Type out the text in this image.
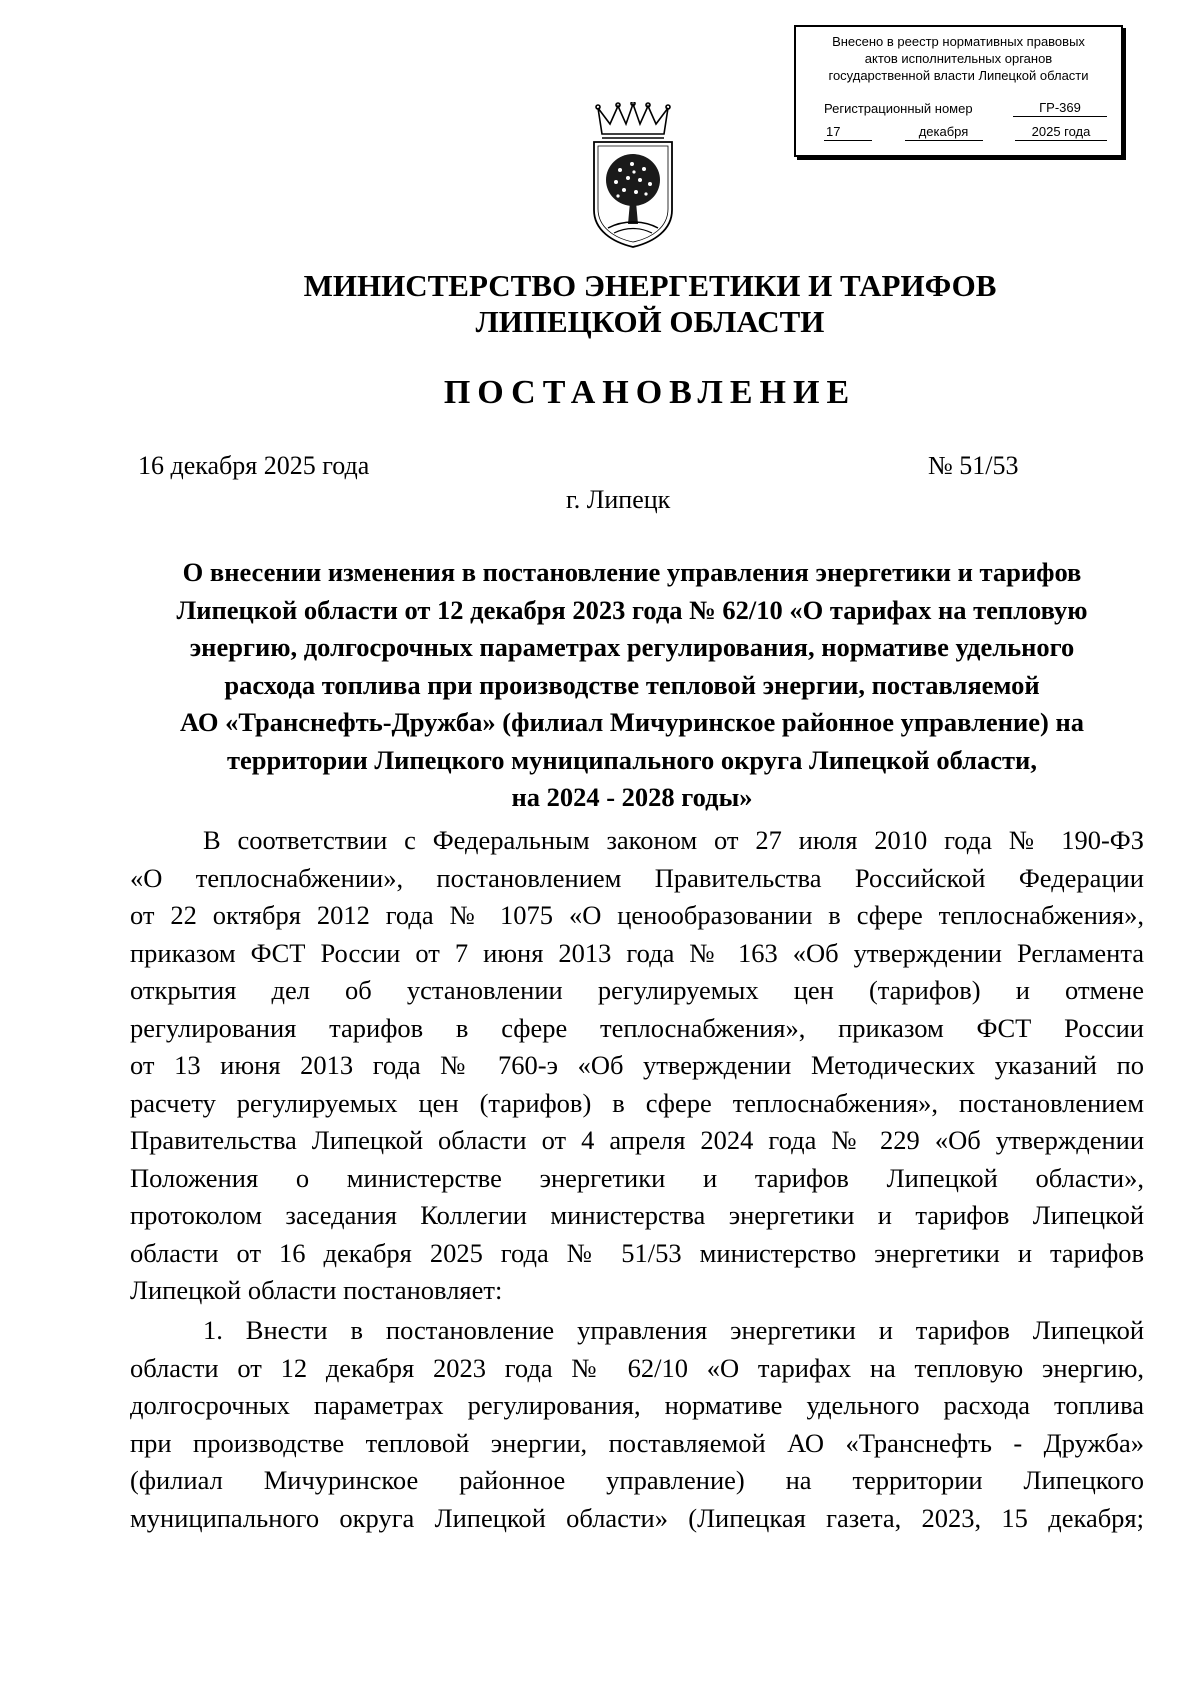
Внесено в реестр нормативных правовых
актов исполнительных органов
государственной власти Липецкой области
Регистрационный номер	ГР-369
17	декабря	2025 года
МИНИСТЕРСТВО ЭНЕРГЕТИКИ И ТАРИФОВ
ЛИПЕЦКОЙ ОБЛАСТИ
ПОСТАНОВЛЕНИЕ
16 декабря 2025 года	№ 51/53
г. Липецк
О внесении изменения в постановление управления энергетики и тарифов
Липецкой области от 12 декабря 2023 года № 62/10 «О тарифах на тепловую
энергию, долгосрочных параметрах регулирования, нормативе удельного
расхода топлива при производстве тепловой энергии, поставляемой
АО «Транснефть-Дружба» (филиал Мичуринское районное управление) на
территории Липецкого муниципального округа Липецкой области,
на 2024 - 2028 годы»
В соответствии с Федеральным законом от 27 июля 2010 года № 190-ФЗ
«О теплоснабжении», постановлением Правительства Российской Федерации
от 22 октября 2012 года № 1075 «О ценообразовании в сфере теплоснабжения»,
приказом ФСТ России от 7 июня 2013 года № 163 «Об утверждении Регламента
открытия дел об установлении регулируемых цен (тарифов) и отмене
регулирования тарифов в сфере теплоснабжения», приказом ФСТ России
от 13 июня 2013 года № 760-э «Об утверждении Методических указаний по
расчету регулируемых цен (тарифов) в сфере теплоснабжения», постановлением
Правительства Липецкой области от 4 апреля 2024 года № 229 «Об утверждении
Положения о министерстве энергетики и тарифов Липецкой области»,
протоколом заседания Коллегии министерства энергетики и тарифов Липецкой
области от 16 декабря 2025 года № 51/53 министерство энергетики и тарифов
Липецкой области постановляет:
1. Внести в постановление управления энергетики и тарифов Липецкой
области от 12 декабря 2023 года № 62/10 «О тарифах на тепловую энергию,
долгосрочных параметрах регулирования, нормативе удельного расхода топлива
при производстве тепловой энергии, поставляемой АО «Транснефть - Дружба»
(филиал Мичуринское районное управление) на территории Липецкого
муниципального округа Липецкой области» (Липецкая газета, 2023, 15 декабря;
